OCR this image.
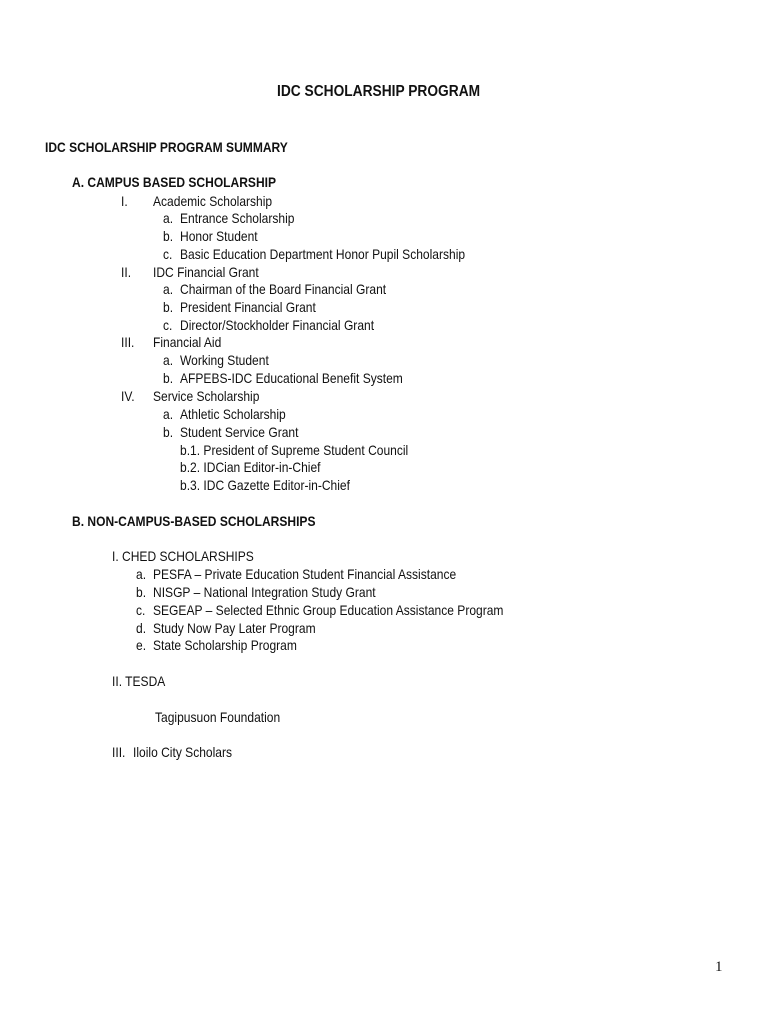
IDC SCHOLARSHIP PROGRAM
IDC SCHOLARSHIP PROGRAM SUMMARY
A. CAMPUS BASED SCHOLARSHIP
I. Academic Scholarship
a. Entrance Scholarship
b. Honor Student
c. Basic Education Department Honor Pupil Scholarship
II. IDC Financial Grant
a. Chairman of the Board Financial Grant
b. President Financial Grant
c. Director/Stockholder Financial Grant
III. Financial Aid
a. Working Student
b. AFPEBS-IDC Educational Benefit System
IV. Service Scholarship
a. Athletic Scholarship
b. Student Service Grant
b.1. President of Supreme Student Council
b.2. IDCian Editor-in-Chief
b.3. IDC Gazette Editor-in-Chief
B. NON-CAMPUS-BASED SCHOLARSHIPS
I. CHED SCHOLARSHIPS
a. PESFA – Private Education Student Financial Assistance
b. NISGP – National Integration Study Grant
c. SEGEAP – Selected Ethnic Group Education Assistance Program
d. Study Now Pay Later Program
e. State Scholarship Program
II. TESDA
Tagipusuon Foundation
III. Iloilo City Scholars
1
